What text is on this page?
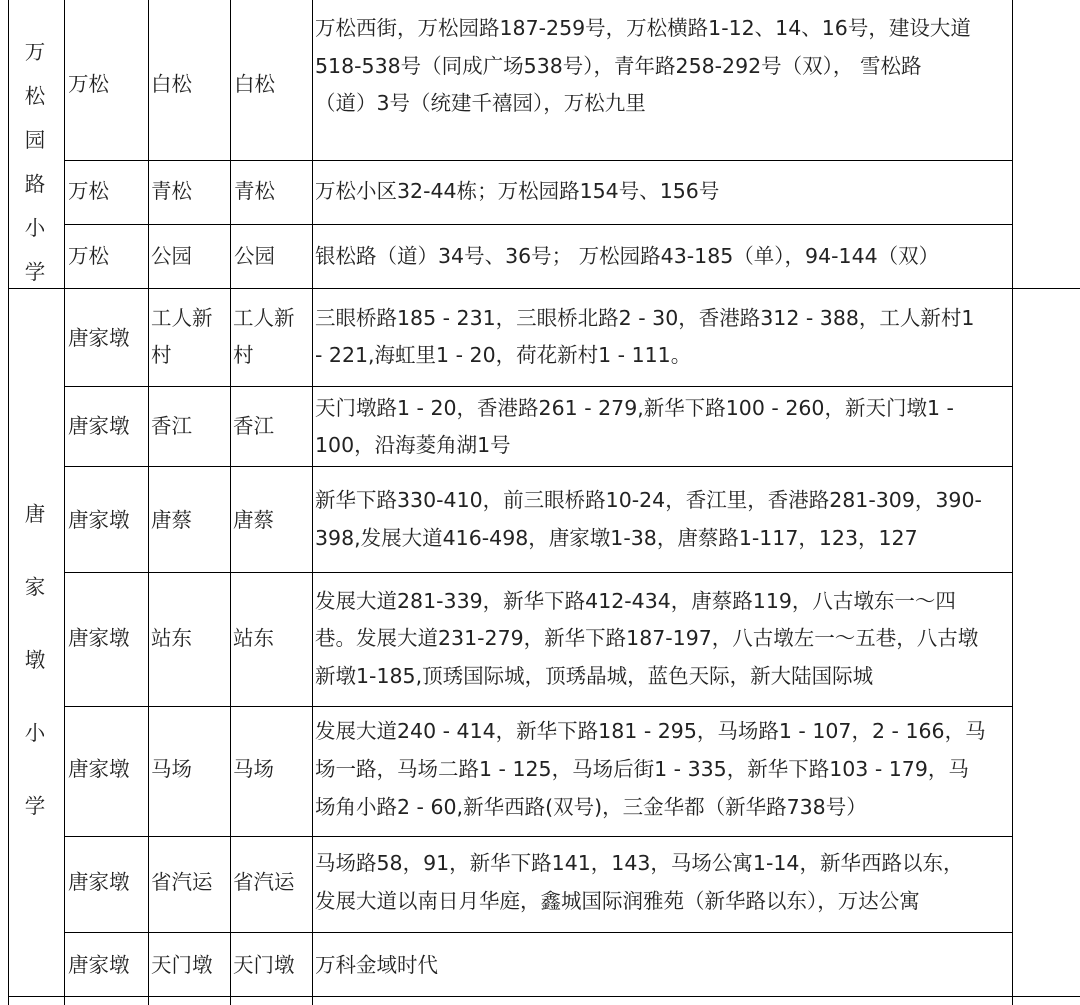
万
松
园
路
小
学
万松 白松 白松
万松西街，万松园路187-259号，万松横路1-12、14、16号，建设大道
518-538号（同成广场538号），青年路258-292号（双）， 雪松路
（道）3号（统建千禧园），万松九里
万松 青松 青松 万松小区32-44栋；万松园路154号、156号
万松 公园 公园 银松路（道）34号、36号； 万松园路43-185（单），94-144（双）
唐
家
墩
小
学
唐家墩
工人新
村
工人新
村
三眼桥路185 - 231，三眼桥北路2 - 30，香港路312 - 388，工人新村1
- 221,海虹里1 - 20，荷花新村1 - 111。
唐家墩 香江 香江
天门墩路1 - 20，香港路261 - 279,新华下路100 - 260，新天门墩1 -
100，沿海菱角湖1号
唐家墩 唐蔡 唐蔡
新华下路330-410，前三眼桥路10-24，香江里，香港路281-309，390-
398,发展大道416-498，唐家墩1-38，唐蔡路1-117，123，127
唐家墩 站东 站东
发展大道281-339，新华下路412-434，唐蔡路119，八古墩东一～四
巷。发展大道231-279，新华下路187-197，八古墩左一～五巷，八古墩
新墩1-185,顶琇国际城，顶琇晶城，蓝色天际，新大陆国际城
唐家墩 马场 马场
发展大道240 - 414，新华下路181 - 295，马场路1 - 107，2 - 166，马
场一路，马场二路1 - 125，马场后街1 - 335，新华下路103 - 179，马
场角小路2 - 60,新华西路(双号)，三金华都（新华路738号）
唐家墩 省汽运 省汽运
马场路58，91，新华下路141，143，马场公寓1-14，新华西路以东，
发展大道以南日月华庭，鑫城国际润雅苑（新华路以东），万达公寓
唐家墩 天门墩 天门墩 万科金域时代
